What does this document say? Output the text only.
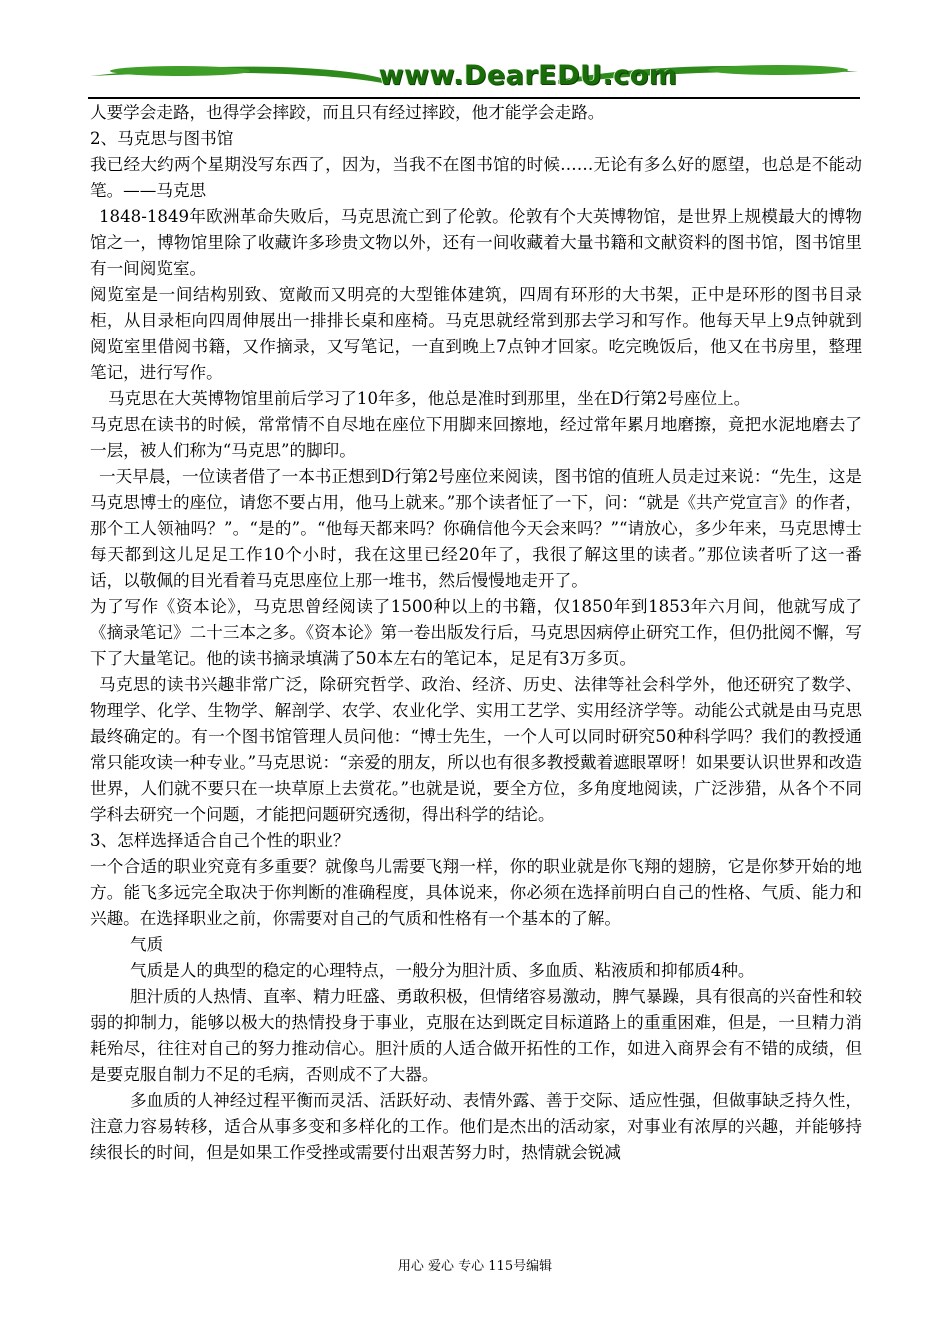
www.DearEDU.com

人要学会走路，也得学会摔跤，而且只有经过摔跤，他才能学会走路。

2、马克思与图书馆

我已经大约两个星期没写东西了，因为，当我不在图书馆的时候……无论有多么好的愿望，也总是不能动笔。——马克思

1848-1849年欧洲革命失败后，马克思流亡到了伦敦。伦敦有个大英博物馆，是世界上规模最大的博物馆之一，博物馆里除了收藏许多珍贵文物以外，还有一间收藏着大量书籍和文献资料的图书馆，图书馆里有一间阅览室。

阅览室是一间结构别致、宽敞而又明亮的大型锥体建筑，四周有环形的大书架，正中是环形的图书目录柜，从目录柜向四周伸展出一排排长桌和座椅。马克思就经常到那去学习和写作。他每天早上9点钟就到阅览室里借阅书籍，又作摘录，又写笔记，一直到晚上7点钟才回家。吃完晚饭后，他又在书房里，整理笔记，进行写作。

马克思在大英博物馆里前后学习了10年多，他总是准时到那里，坐在D行第2号座位上。

马克思在读书的时候，常常情不自尽地在座位下用脚来回擦地，经过常年累月地磨擦，竟把水泥地磨去了一层，被人们称为“马克思”的脚印。

一天早晨，一位读者借了一本书正想到D行第2号座位来阅读，图书馆的值班人员走过来说：“先生，这是马克思博士的座位，请您不要占用，他马上就来。”那个读者怔了一下，问：“就是《共产党宣言》的作者，那个工人领袖吗？”。“是的”。“他每天都来吗？你确信他今天会来吗？”“请放心，多少年来，马克思博士每天都到这儿足足工作10个小时，我在这里已经20年了，我很了解这里的读者。”那位读者听了这一番话，以敬佩的目光看着马克思座位上那一堆书，然后慢慢地走开了。

为了写作《资本论》，马克思曾经阅读了1500种以上的书籍，仅1850年到1853年六月间，他就写成了《摘录笔记》二十三本之多。《资本论》第一卷出版发行后，马克思因病停止研究工作，但仍批阅不懈，写下了大量笔记。他的读书摘录填满了50本左右的笔记本，足足有3万多页。

马克思的读书兴趣非常广泛，除研究哲学、政治、经济、历史、法律等社会科学外，他还研究了数学、物理学、化学、生物学、解剖学、农学、农业化学、实用工艺学、实用经济学等。动能公式就是由马克思最终确定的。有一个图书馆管理人员问他：“博士先生，一个人可以同时研究50种科学吗？我们的教授通常只能攻读一种专业。”马克思说：“亲爱的朋友，所以也有很多教授戴着遮眼罩呀！如果要认识世界和改造世界，人们就不要只在一块草原上去赏花。”也就是说，要全方位，多角度地阅读，广泛涉猎，从各个不同学科去研究一个问题，才能把问题研究透彻，得出科学的结论。

3、怎样选择适合自己个性的职业？

一个合适的职业究竟有多重要？就像鸟儿需要飞翔一样，你的职业就是你飞翔的翅膀，它是你梦开始的地方。能飞多远完全取决于你判断的准确程度，具体说来，你必须在选择前明白自己的性格、气质、能力和兴趣。在选择职业之前，你需要对自己的气质和性格有一个基本的了解。

气质

气质是人的典型的稳定的心理特点，一般分为胆汁质、多血质、粘液质和抑郁质4种。

胆汁质的人热情、直率、精力旺盛、勇敢积极，但情绪容易激动，脾气暴躁，具有很高的兴奋性和较弱的抑制力，能够以极大的热情投身于事业，克服在达到既定目标道路上的重重困难，但是，一旦精力消耗殆尽，往往对自己的努力推动信心。胆汁质的人适合做开拓性的工作，如进入商界会有不错的成绩，但是要克服自制力不足的毛病，否则成不了大器。

多血质的人神经过程平衡而灵活、活跃好动、表情外露、善于交际、适应性强，但做事缺乏持久性，注意力容易转移，适合从事多变和多样化的工作。他们是杰出的活动家，对事业有浓厚的兴趣，并能够持续很长的时间，但是如果工作受挫或需要付出艰苦努力时，热情就会锐减

用心 爱心 专心 115号编辑
